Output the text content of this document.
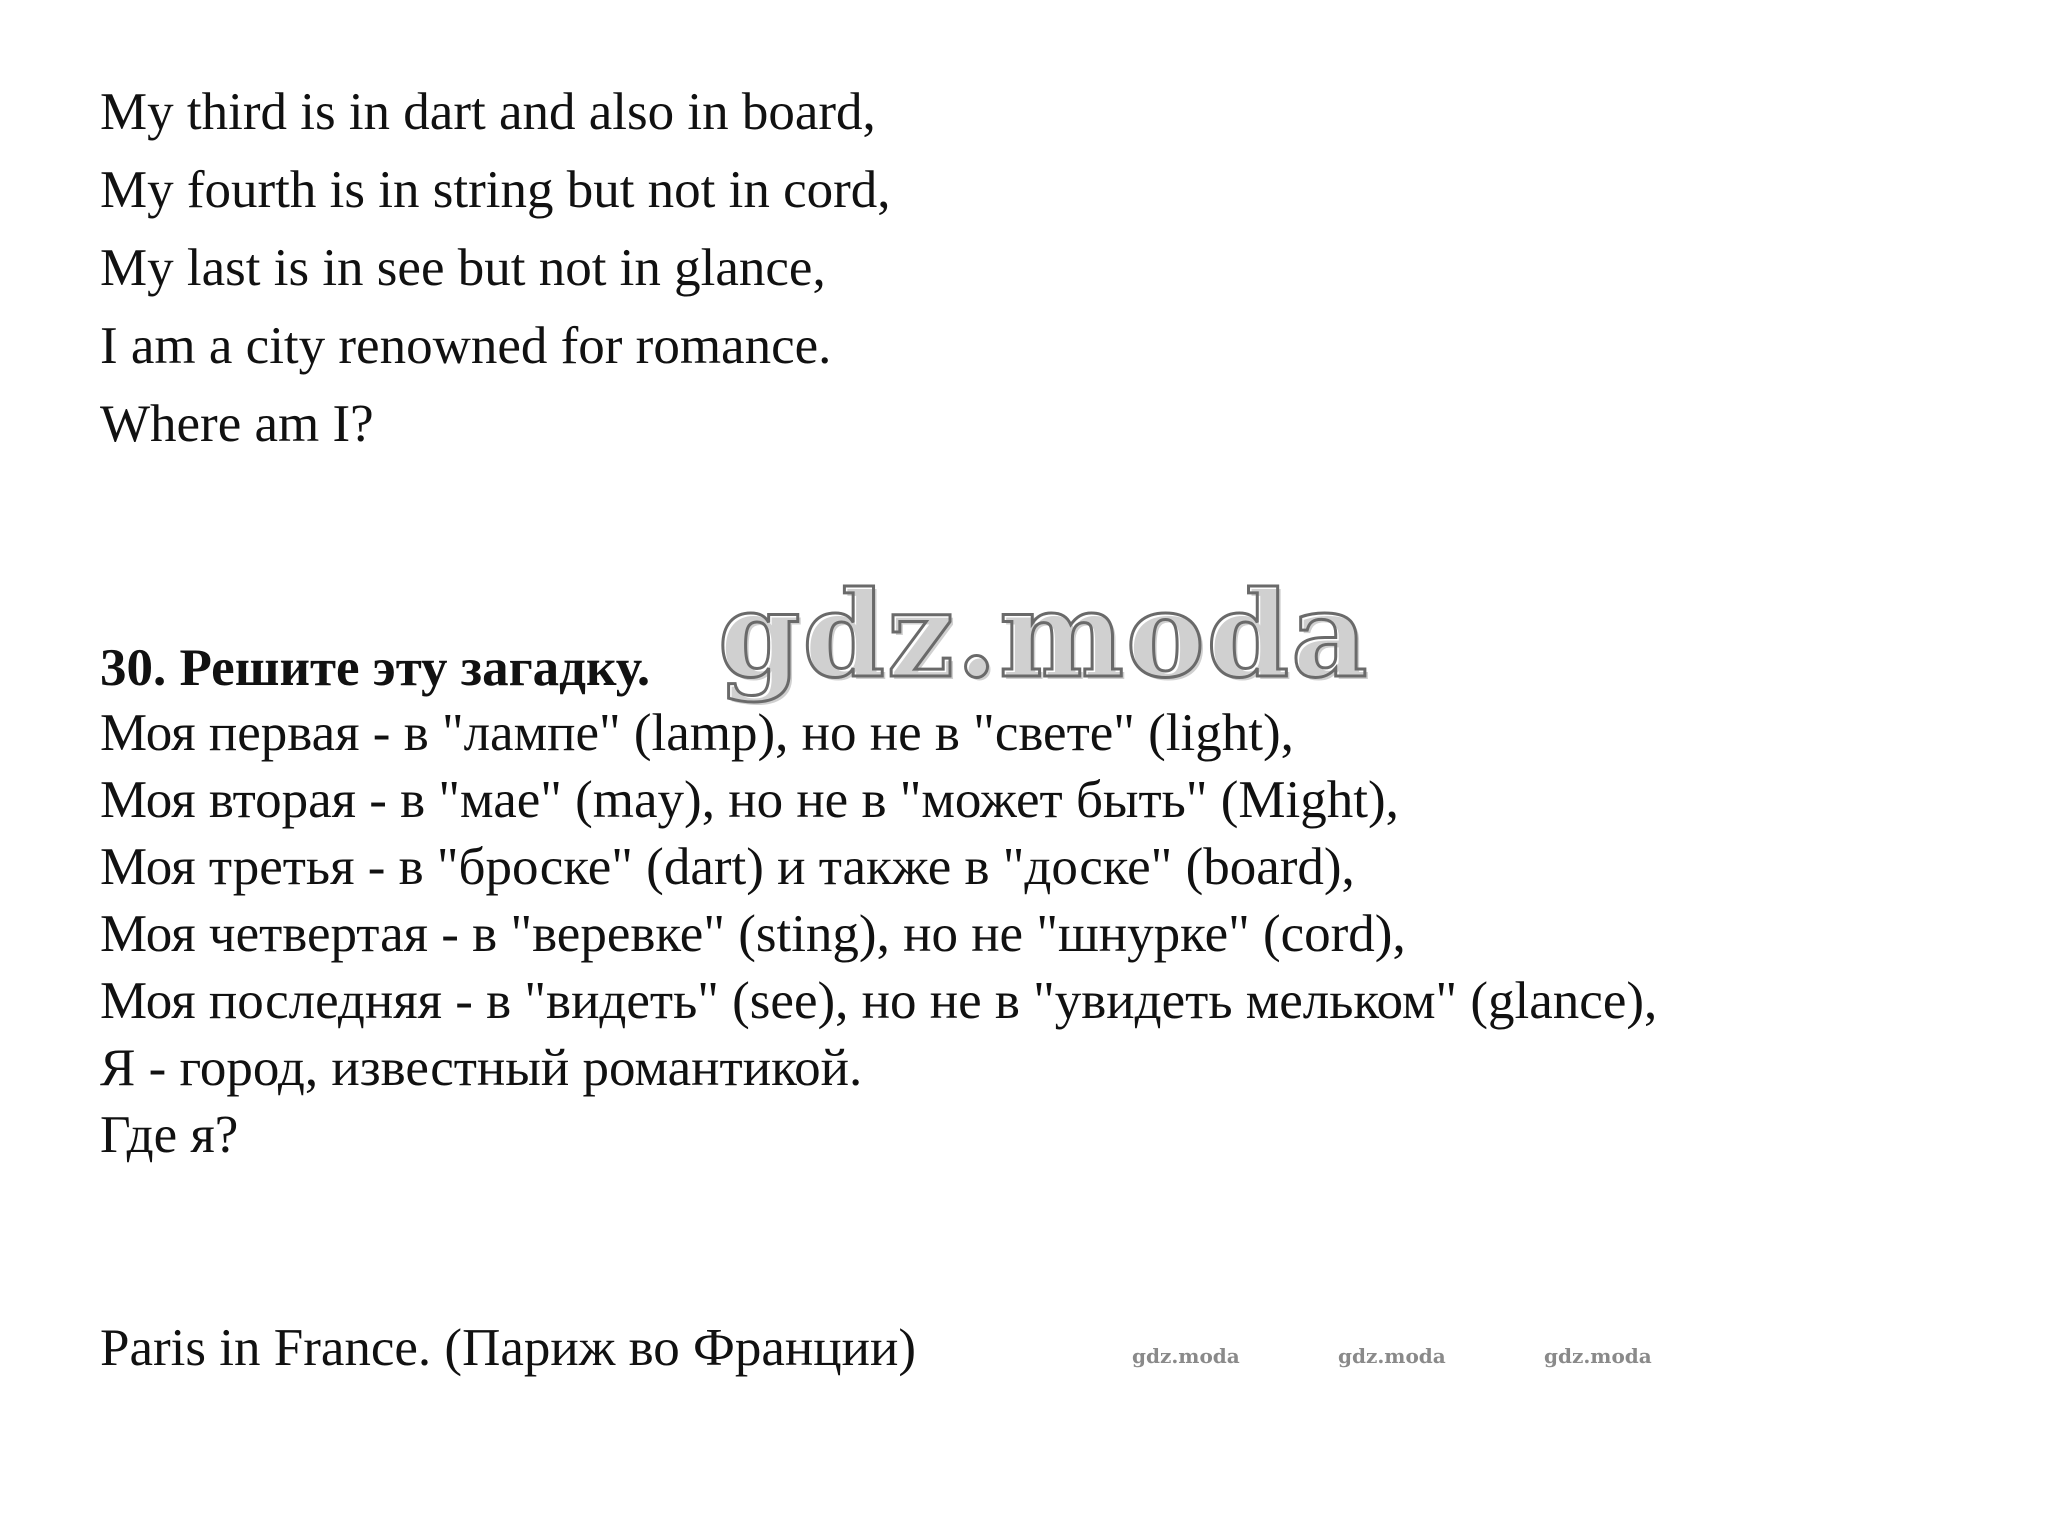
My third is in dart and also in board,
My fourth is in string but not in cord,
My last is in see but not in glance,
I am a city renowned for romance.
Where am I?
gdz.moda
30. Решите эту загадку.
Моя первая - в "лампе" (lamp), но не в "свете" (light),
Моя вторая - в "мае" (may), но не в "может быть" (Might),
Моя третья - в "броске" (dart) и также в "доске" (board),
Моя четвертая - в "веревке" (sting), но не "шнурке" (cord),
Моя последняя - в "видеть" (see), но не в "увидеть мельком" (glance),
Я - город, известный романтикой.
Где я?
Paris in France. (Париж во Франции)	gdz.moda	gdz.moda	gdz.moda
